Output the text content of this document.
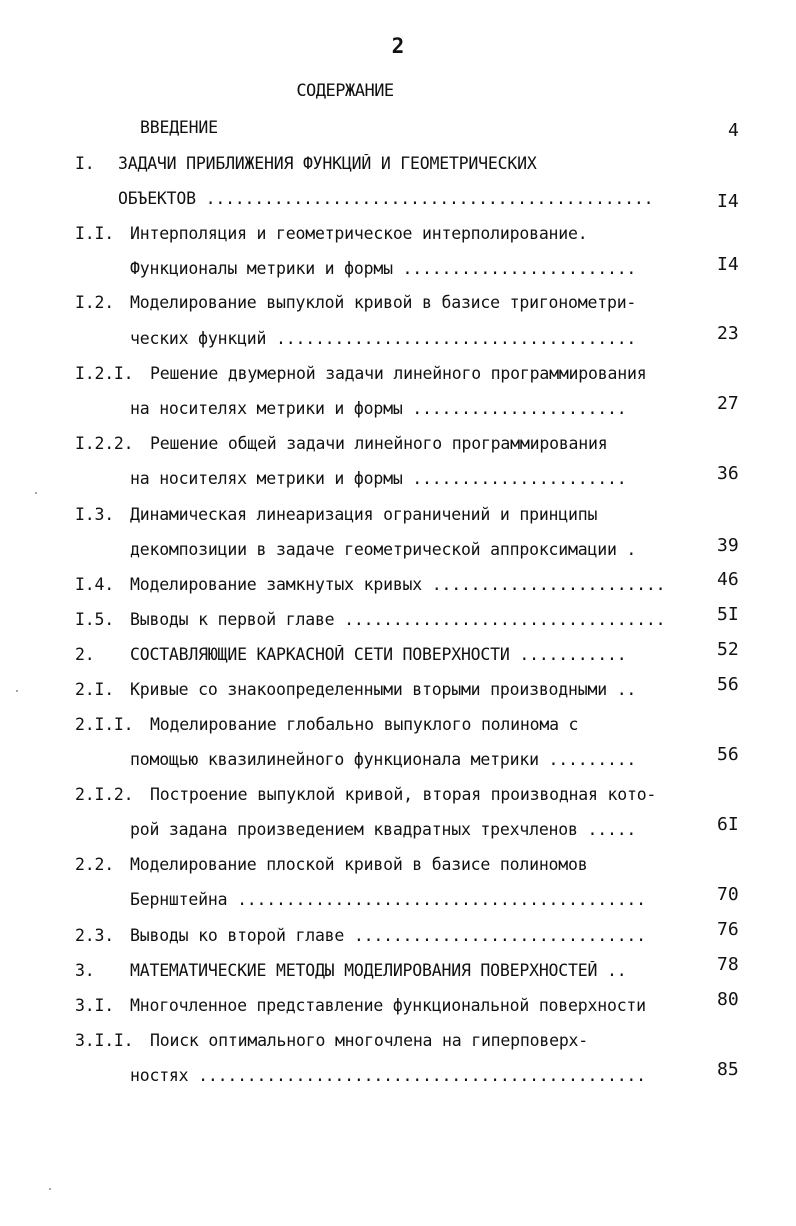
2
СОДЕРЖАНИЕ
ВВЕДЕНИЕ	4
I.	ЗАДАЧИ ПРИБЛИЖЕНИЯ ФУНКЦИЙ И ГЕОМЕТРИЧЕСКИХ
ОБЪЕКТОВ ..............................................	I4
I.I. Интерполяция и геометрическое интерполирование.
Функционалы метрики и формы ........................	I4
I.2. Моделирование выпуклой кривой в базисе тригонометри-
ческих функций .....................................	23
I.2.I.	Решение двумерной задачи линейного программирования
на носителях метрики и формы ......................	27
I.2.2.	Решение общей задачи линейного программирования
на носителях метрики и формы ......................	36
I.3. Динамическая линеаризация ограничений и принципы
декомпозиции в задаче геометрической аппроксимации .	39
I.4. Моделирование замкнутых кривых ........................	46
I.5. Выводы к первой главе .................................	5I
2.	СОСТАВЛЯЮЩИЕ КАРКАСНОЙ СЕТИ ПОВЕРХНОСТИ ...........	52
2.I. Кривые со знакоопределенными вторыми производными ..	56
2.I.I.	Моделирование глобально выпуклого полинома с
помощью квазилинейного функционала метрики .........	56
2.I.2.	Построение выпуклой кривой, вторая производная кото-
рой задана произведением квадратных трехчленов .....	6I
2.2. Моделирование плоской кривой в базисе полиномов
Бернштейна ..........................................	70
2.3. Выводы ко второй главе ..............................	76
3.	МАТЕМАТИЧЕСКИЕ МЕТОДЫ МОДЕЛИРОВАНИЯ ПОВЕРХНОСТЕЙ ..	78
3.I. Многочленное представление функциональной поверхности	80
3.I.I.	Поиск оптимального многочлена на гиперповерх-
ностях ..............................................	85
